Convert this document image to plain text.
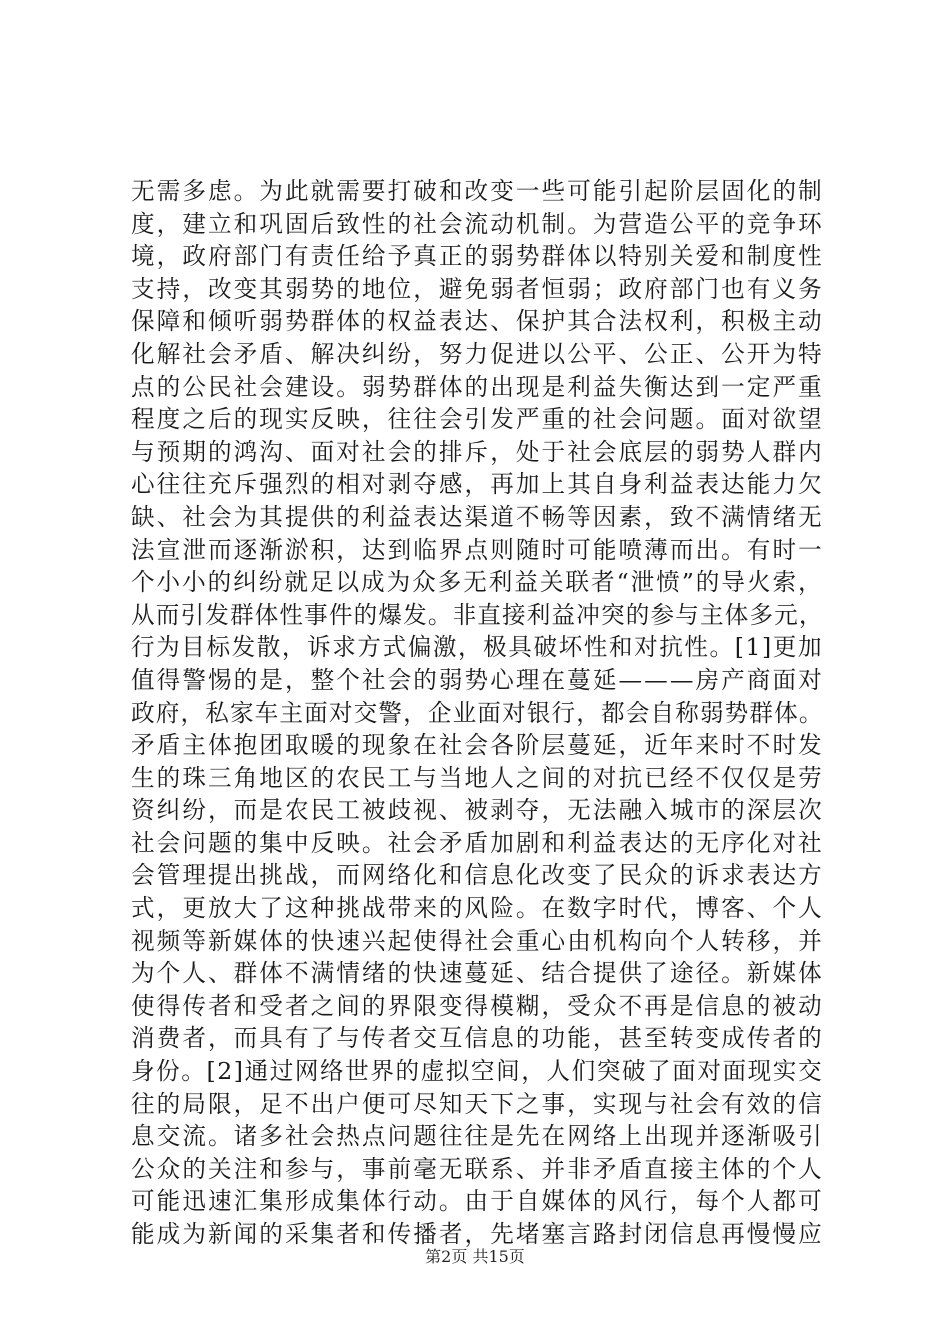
无需多虑。为此就需要打破和改变一些可能引起阶层固化的制
度，建立和巩固后致性的社会流动机制。为营造公平的竞争环
境，政府部门有责任给予真正的弱势群体以特别关爱和制度性
支持，改变其弱势的地位，避免弱者恒弱；政府部门也有义务
保障和倾听弱势群体的权益表达、保护其合法权利，积极主动
化解社会矛盾、解决纠纷，努力促进以公平、公正、公开为特
点的公民社会建设。弱势群体的出现是利益失衡达到一定严重
程度之后的现实反映，往往会引发严重的社会问题。面对欲望
与预期的鸿沟、面对社会的排斥，处于社会底层的弱势人群内
心往往充斥强烈的相对剥夺感，再加上其自身利益表达能力欠
缺、社会为其提供的利益表达渠道不畅等因素，致不满情绪无
法宣泄而逐渐淤积，达到临界点则随时可能喷薄而出。有时一
个小小的纠纷就足以成为众多无利益关联者“泄愤”的导火索，
从而引发群体性事件的爆发。非直接利益冲突的参与主体多元，
行为目标发散，诉求方式偏激，极具破坏性和对抗性。[1]更加
值得警惕的是，整个社会的弱势心理在蔓延———房产商面对
政府，私家车主面对交警，企业面对银行，都会自称弱势群体。
矛盾主体抱团取暖的现象在社会各阶层蔓延，近年来时不时发
生的珠三角地区的农民工与当地人之间的对抗已经不仅仅是劳
资纠纷，而是农民工被歧视、被剥夺，无法融入城市的深层次
社会问题的集中反映。社会矛盾加剧和利益表达的无序化对社
会管理提出挑战，而网络化和信息化改变了民众的诉求表达方
式，更放大了这种挑战带来的风险。在数字时代，博客、个人
视频等新媒体的快速兴起使得社会重心由机构向个人转移，并
为个人、群体不满情绪的快速蔓延、结合提供了途径。新媒体
使得传者和受者之间的界限变得模糊，受众不再是信息的被动
消费者，而具有了与传者交互信息的功能，甚至转变成传者的
身份。[2]通过网络世界的虚拟空间，人们突破了面对面现实交
往的局限，足不出户便可尽知天下之事，实现与社会有效的信
息交流。诸多社会热点问题往往是先在网络上出现并逐渐吸引
公众的关注和参与，事前毫无联系、并非矛盾直接主体的个人
可能迅速汇集形成集体行动。由于自媒体的风行，每个人都可
能成为新闻的采集者和传播者，先堵塞言路封闭信息再慢慢应
第2页 共15页
